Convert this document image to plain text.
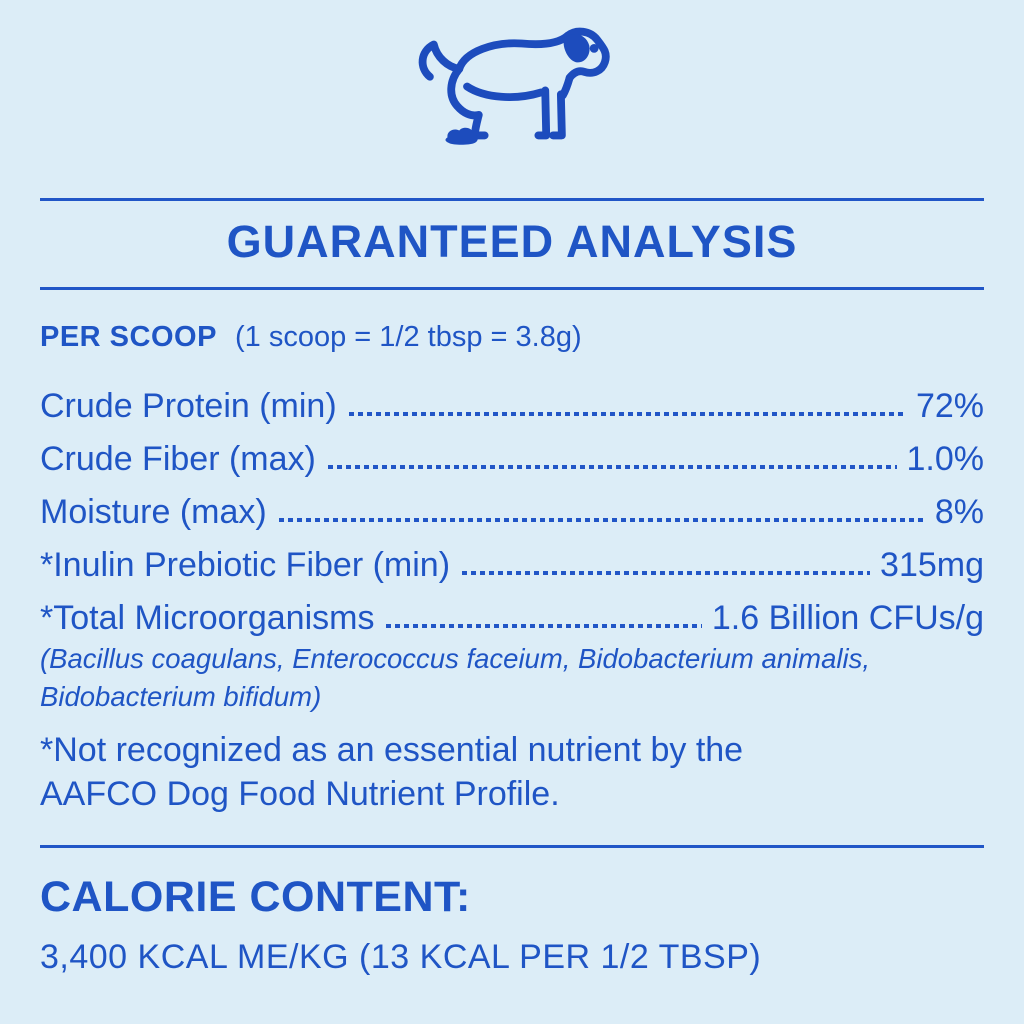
GUARANTEED ANALYSIS
PER SCOOP (1 scoop = 1/2 tbsp = 3.8g)
Crude Protein (min)	72%
Crude Fiber (max)	1.0%
Moisture (max)	8%
*Inulin Prebiotic Fiber (min)	315mg
*Total Microorganisms	1.6 Billion CFUs/g
(Bacillus coagulans, Enterococcus faceium, Bidobacterium animalis,
Bidobacterium bifidum)
*Not recognized as an essential nutrient by the
AAFCO Dog Food Nutrient Profile.
CALORIE CONTENT:
3,400 KCAL ME/KG (13 KCAL PER 1/2 TBSP)
